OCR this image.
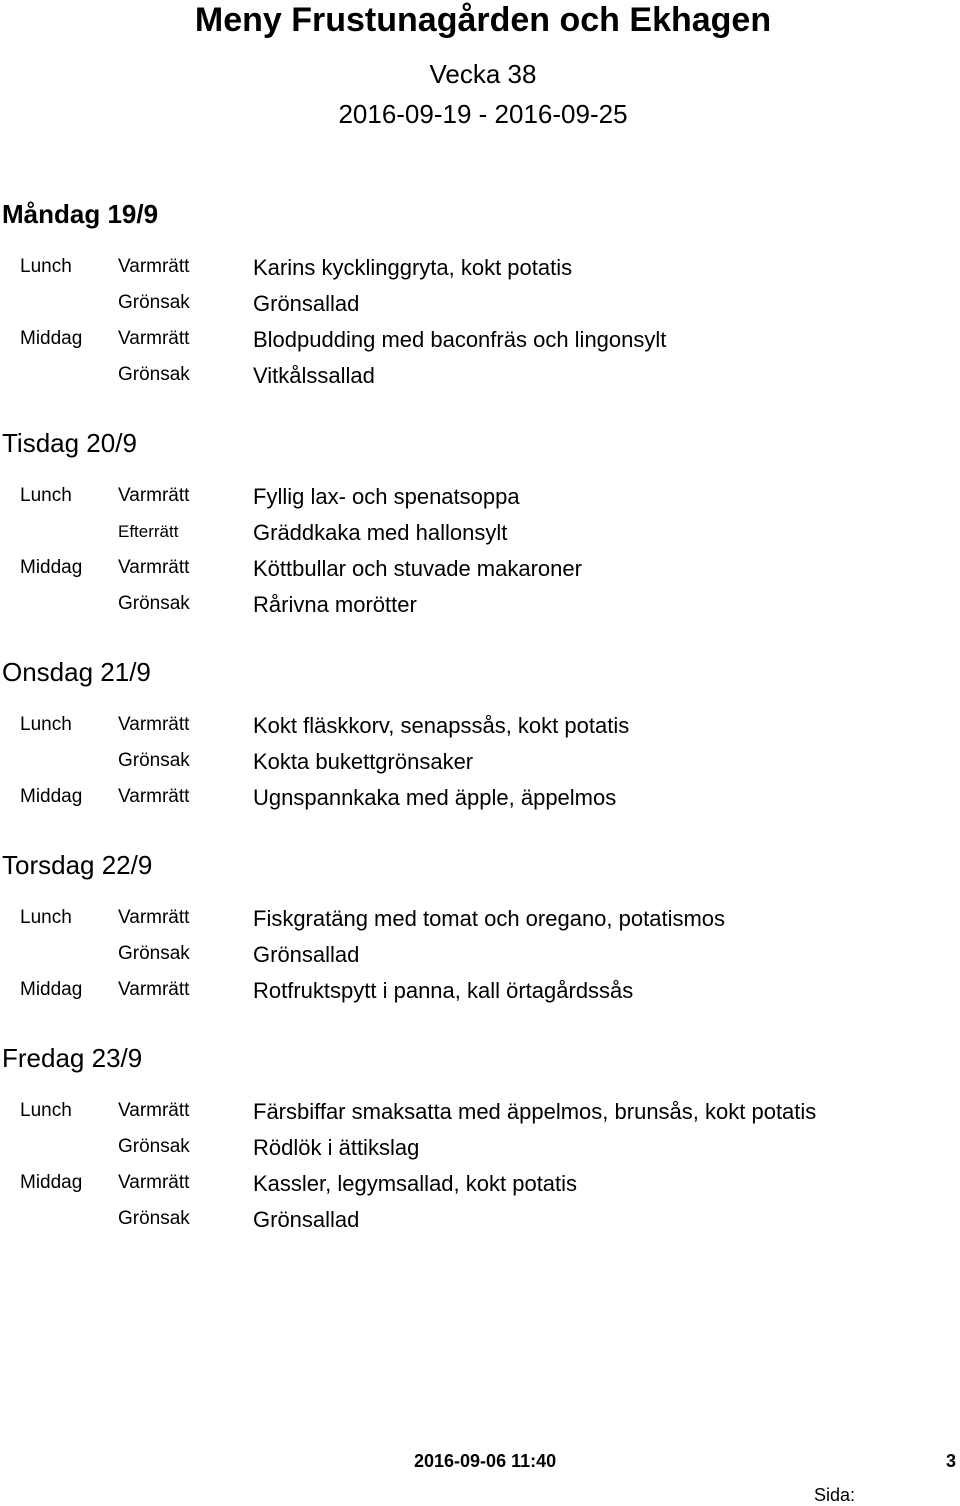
Meny Frustunagården och Ekhagen
Vecka 38
2016-09-19 - 2016-09-25
Måndag 19/9
Lunch Varmrätt	Karins kycklinggryta, kokt potatis
Grönsak	Grönsallad
Middag Varmrätt	Blodpudding med baconfräs och lingonsylt
Grönsak	Vitkålssallad
Tisdag 20/9
Lunch Varmrätt	Fyllig lax- och spenatsoppa
Efterrätt	Gräddkaka med hallonsylt
Middag Varmrätt	Köttbullar och stuvade makaroner
Grönsak	Rårivna morötter
Onsdag 21/9
Lunch Varmrätt	Kokt fläskkorv, senapssås, kokt potatis
Grönsak	Kokta bukettgrönsaker
Middag Varmrätt	Ugnspannkaka med äpple, äppelmos
Torsdag 22/9
Lunch Varmrätt	Fiskgratäng med tomat och oregano, potatismos
Grönsak	Grönsallad
Middag Varmrätt	Rotfruktspytt i panna, kall örtagårdssås
Fredag 23/9
Lunch Varmrätt	Färsbiffar smaksatta med äppelmos, brunsås, kokt potatis
Grönsak	Rödlök i ättikslag
Middag Varmrätt	Kassler, legymsallad, kokt potatis
Grönsak	Grönsallad
2016-09-06 11:40	3
Sida:
